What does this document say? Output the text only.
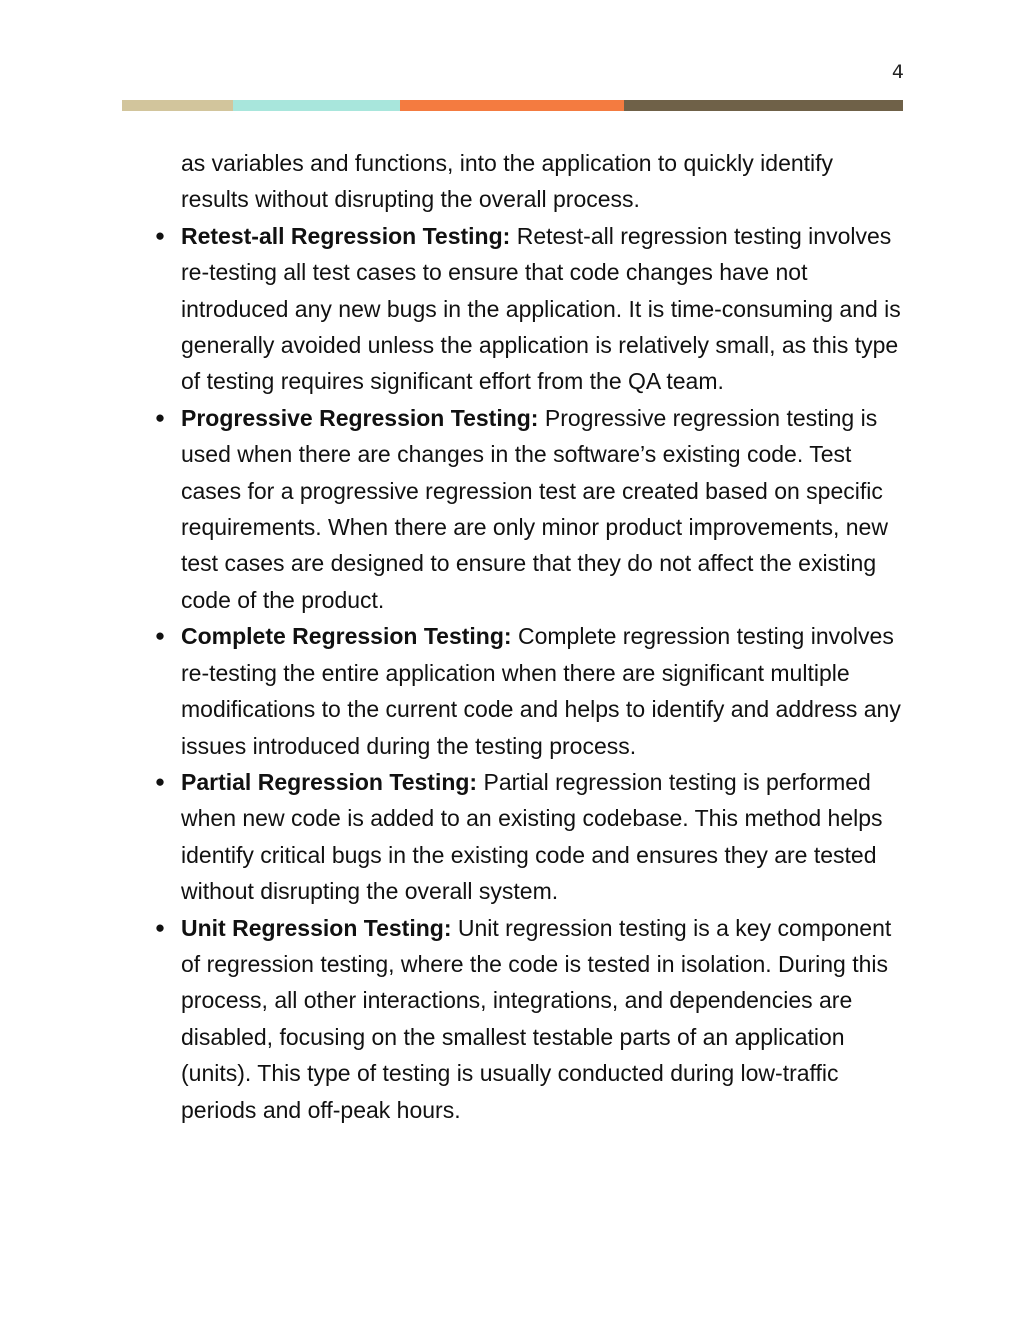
4

as variables and functions, into the application to quickly identify results without disrupting the overall process.

● Retest-all Regression Testing: Retest-all regression testing involves re-testing all test cases to ensure that code changes have not introduced any new bugs in the application. It is time-consuming and is generally avoided unless the application is relatively small, as this type of testing requires significant effort from the QA team.
● Progressive Regression Testing: Progressive regression testing is used when there are changes in the software’s existing code. Test cases for a progressive regression test are created based on specific requirements. When there are only minor product improvements, new test cases are designed to ensure that they do not affect the existing code of the product.
● Complete Regression Testing: Complete regression testing involves re-testing the entire application when there are significant multiple modifications to the current code and helps to identify and address any issues introduced during the testing process.
● Partial Regression Testing: Partial regression testing is performed when new code is added to an existing codebase. This method helps identify critical bugs in the existing code and ensures they are tested without disrupting the overall system.
● Unit Regression Testing: Unit regression testing is a key component of regression testing, where the code is tested in isolation. During this process, all other interactions, integrations, and dependencies are disabled, focusing on the smallest testable parts of an application (units). This type of testing is usually conducted during low-traffic periods and off-peak hours.
